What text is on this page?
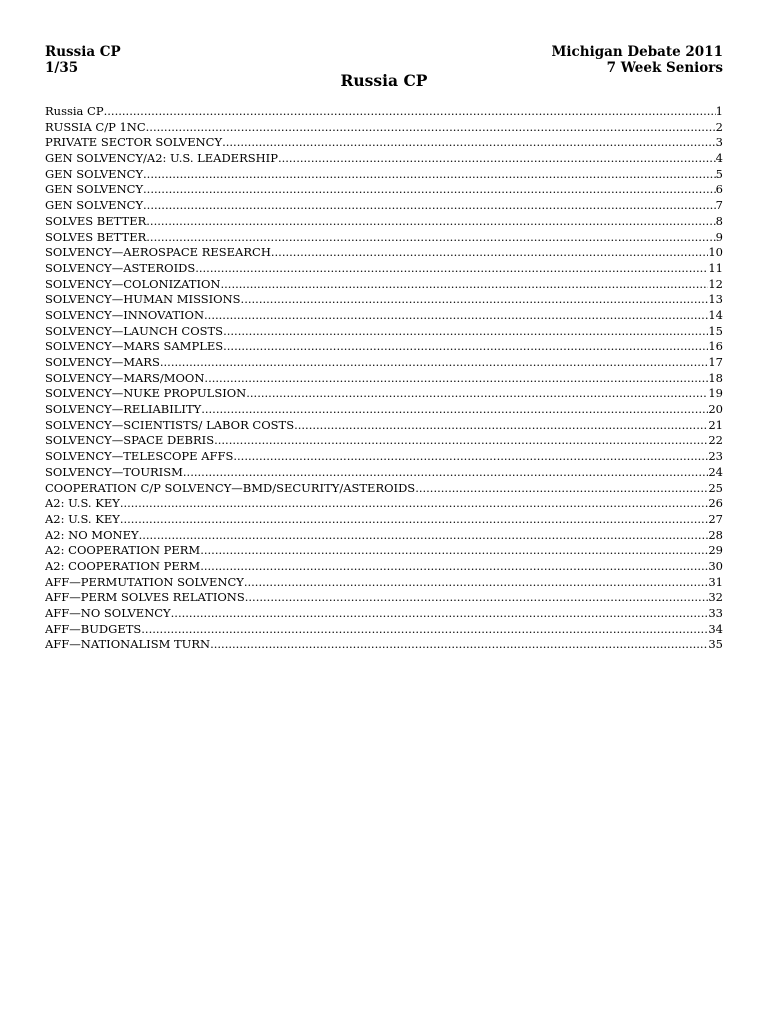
Russia CP
1/35
Michigan Debate 2011
7 Week Seniors
Russia CP
Russia CP .....	1
RUSSIA C/P 1NC .....	2
PRIVATE SECTOR SOLVENCY .....	3
GEN SOLVENCY/A2: U.S. LEADERSHIP .....	4
GEN SOLVENCY .....	5
GEN SOLVENCY .....	6
GEN SOLVENCY .....	7
SOLVES BETTER .....	8
SOLVES BETTER .....	9
SOLVENCY—AEROSPACE RESEARCH .....	10
SOLVENCY—ASTEROIDS .....	11
SOLVENCY—COLONIZATION .....	12
SOLVENCY—HUMAN MISSIONS .....	13
SOLVENCY—INNOVATION .....	14
SOLVENCY—LAUNCH COSTS .....	15
SOLVENCY—MARS SAMPLES .....	16
SOLVENCY—MARS .....	17
SOLVENCY—MARS/MOON .....	18
SOLVENCY—NUKE PROPULSION .....	19
SOLVENCY—RELIABILITY .....	20
SOLVENCY—SCIENTISTS/ LABOR COSTS .....	21
SOLVENCY—SPACE DEBRIS .....	22
SOLVENCY—TELESCOPE AFFS .....	23
SOLVENCY—TOURISM .....	24
COOPERATION C/P SOLVENCY—BMD/SECURITY/ASTEROIDS .....	25
A2: U.S. KEY .....	26
A2: U.S. KEY .....	27
A2: NO MONEY .....	28
A2: COOPERATION PERM .....	29
A2: COOPERATION PERM .....	30
AFF—PERMUTATION SOLVENCY .....	31
AFF—PERM SOLVES RELATIONS .....	32
AFF—NO SOLVENCY .....	33
AFF—BUDGETS .....	34
AFF—NATIONALISM TURN .....	35
